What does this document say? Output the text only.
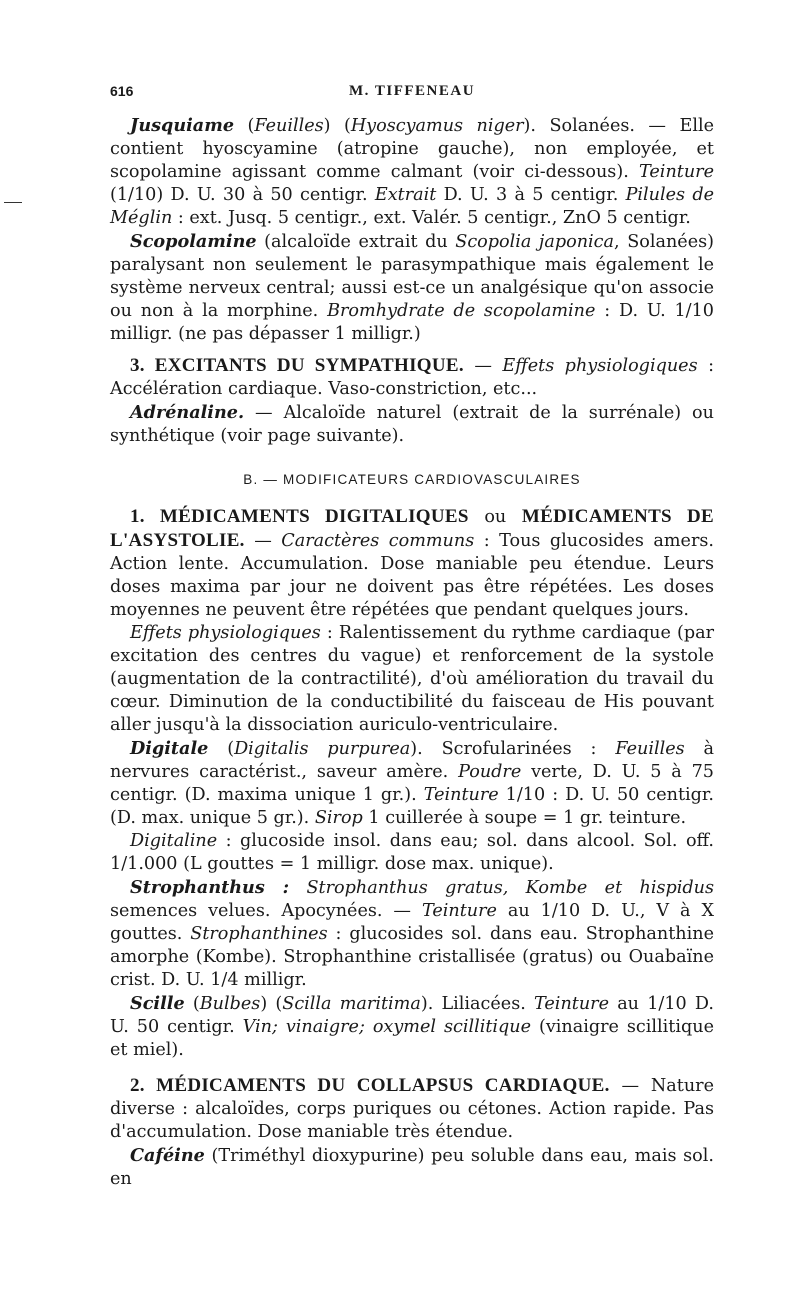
616	M. TIFFENEAU

Jusquiame (Feuilles) (Hyoscyamus niger). Solanées. — Elle contient hyoscyamine (atropine gauche), non employée, et scopolamine agissant comme calmant (voir ci-dessous). Teinture (1/10) D. U. 30 à 50 centigr. Extrait D. U. 3 à 5 centigr. Pilules de Méglin : ext. Jusq. 5 centigr., ext. Valér. 5 centigr., ZnO 5 centigr.

Scopolamine (alcaloïde extrait du Scopolia japonica, Solanées) paralysant non seulement le parasympathique mais également le système nerveux central; aussi est-ce un analgésique qu'on associe ou non à la morphine. Bromhydrate de scopolamine : D. U. 1/10 milligr. (ne pas dépasser 1 milligr.)

3. EXCITANTS DU SYMPATHIQUE. — Effets physiologiques : Accélération cardiaque. Vaso-constriction, etc...

Adrénaline. — Alcaloïde naturel (extrait de la surrénale) ou synthétique (voir page suivante).

B. — MODIFICATEURS CARDIOVASCULAIRES

1. MÉDICAMENTS DIGITALIQUES ou MÉDICAMENTS DE L'ASYSTOLIE. — Caractères communs : Tous glucosides amers. Action lente. Accumulation. Dose maniable peu étendue. Leurs doses maxima par jour ne doivent pas être répétées. Les doses moyennes ne peuvent être répétées que pendant quelques jours.

Effets physiologiques : Ralentissement du rythme cardiaque (par excitation des centres du vague) et renforcement de la systole (augmentation de la contractilité), d'où amélioration du travail du cœur. Diminution de la conductibilité du faisceau de His pouvant aller jusqu'à la dissociation auriculo-ventriculaire.

Digitale (Digitalis purpurea). Scrofularinées : Feuilles à nervures caractérist., saveur amère. Poudre verte, D. U. 5 à 75 centigr. (D. maxima unique 1 gr.). Teinture 1/10 : D. U. 50 centigr. (D. max. unique 5 gr.). Sirop 1 cuillerée à soupe = 1 gr. teinture.

Digitaline : glucoside insol. dans eau; sol. dans alcool. Sol. off. 1/1.000 (L gouttes = 1 milligr. dose max. unique).

Strophanthus : Strophanthus gratus, Kombe et hispidus semences velues. Apocynées. — Teinture au 1/10 D. U., V à X gouttes. Strophanthines : glucosides sol. dans eau. Strophanthine amorphe (Kombe). Strophanthine cristallisée (gratus) ou Ouabaïne crist. D. U. 1/4 milligr.

Scille (Bulbes) (Scilla maritima). Liliacées. Teinture au 1/10 D. U. 50 centigr. Vin; vinaigre; oxymel scillitique (vinaigre scillitique et miel).

2. MÉDICAMENTS DU COLLAPSUS CARDIAQUE. — Nature diverse : alcaloïdes, corps puriques ou cétones. Action rapide. Pas d'accumulation. Dose maniable très étendue.

Caféine (Triméthyl dioxypurine) peu soluble dans eau, mais sol. en
